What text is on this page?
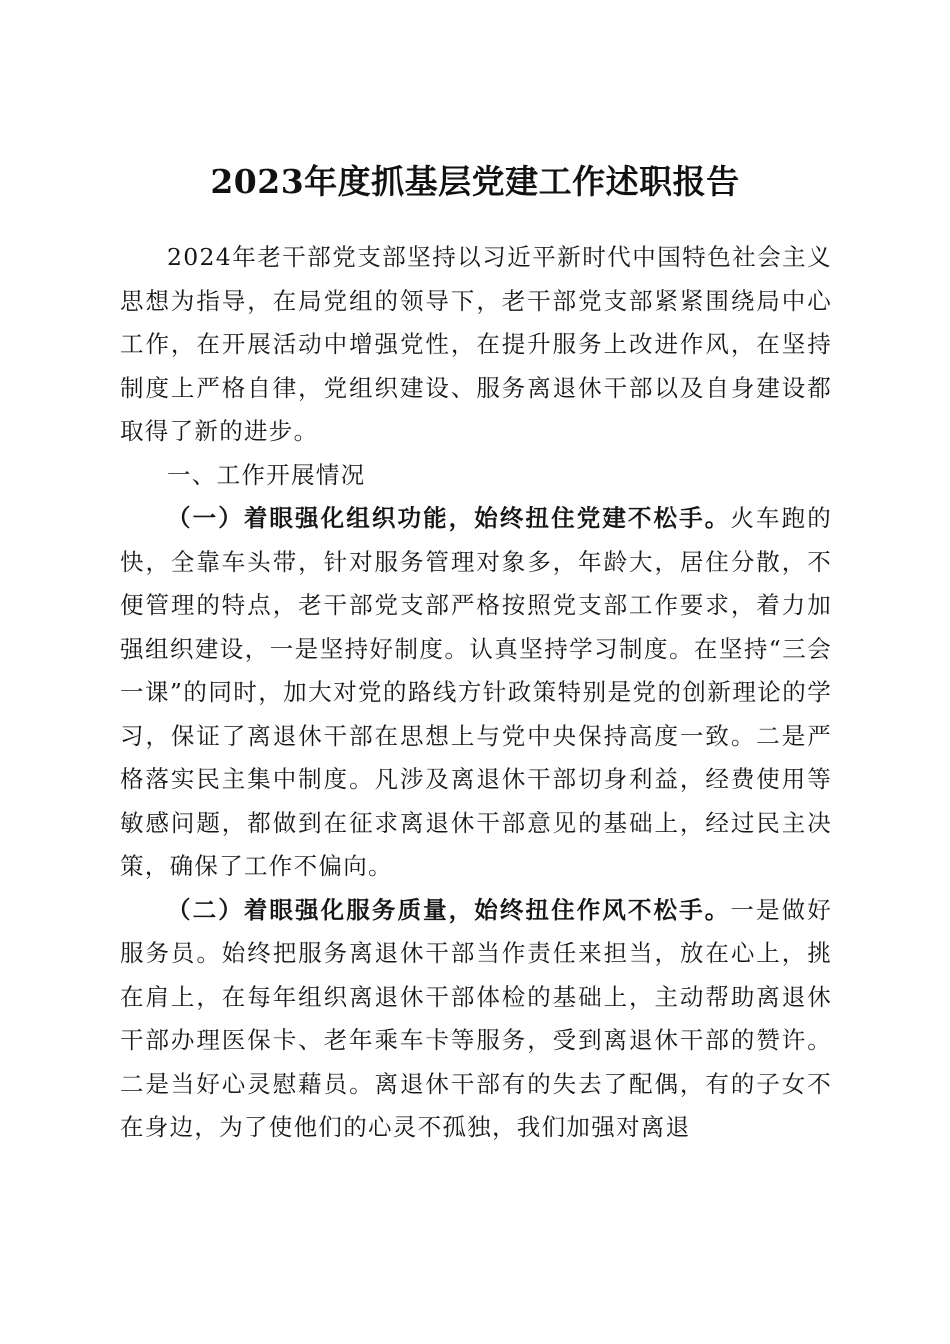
2023年度抓基层党建工作述职报告

2024年老干部党支部坚持以习近平新时代中国特色社会主义思想为指导，在局党组的领导下，老干部党支部紧紧围绕局中心工作，在开展活动中增强党性，在提升服务上改进作风，在坚持制度上严格自律，党组织建设、服务离退休干部以及自身建设都取得了新的进步。

一、工作开展情况

（一）着眼强化组织功能，始终扭住党建不松手。火车跑的快，全靠车头带，针对服务管理对象多，年龄大，居住分散，不便管理的特点，老干部党支部严格按照党支部工作要求，着力加强组织建设，一是坚持好制度。认真坚持学习制度。在坚持“三会一课”的同时，加大对党的路线方针政策特别是党的创新理论的学习，保证了离退休干部在思想上与党中央保持高度一致。二是严格落实民主集中制度。凡涉及离退休干部切身利益，经费使用等敏感问题，都做到在征求离退休干部意见的基础上，经过民主决策，确保了工作不偏向。

（二）着眼强化服务质量，始终扭住作风不松手。一是做好服务员。始终把服务离退休干部当作责任来担当，放在心上，挑在肩上，在每年组织离退休干部体检的基础上，主动帮助离退休干部办理医保卡、老年乘车卡等服务，受到离退休干部的赞许。二是当好心灵慰藉员。离退休干部有的失去了配偶，有的子女不在身边，为了使他们的心灵不孤独，我们加强对离退
